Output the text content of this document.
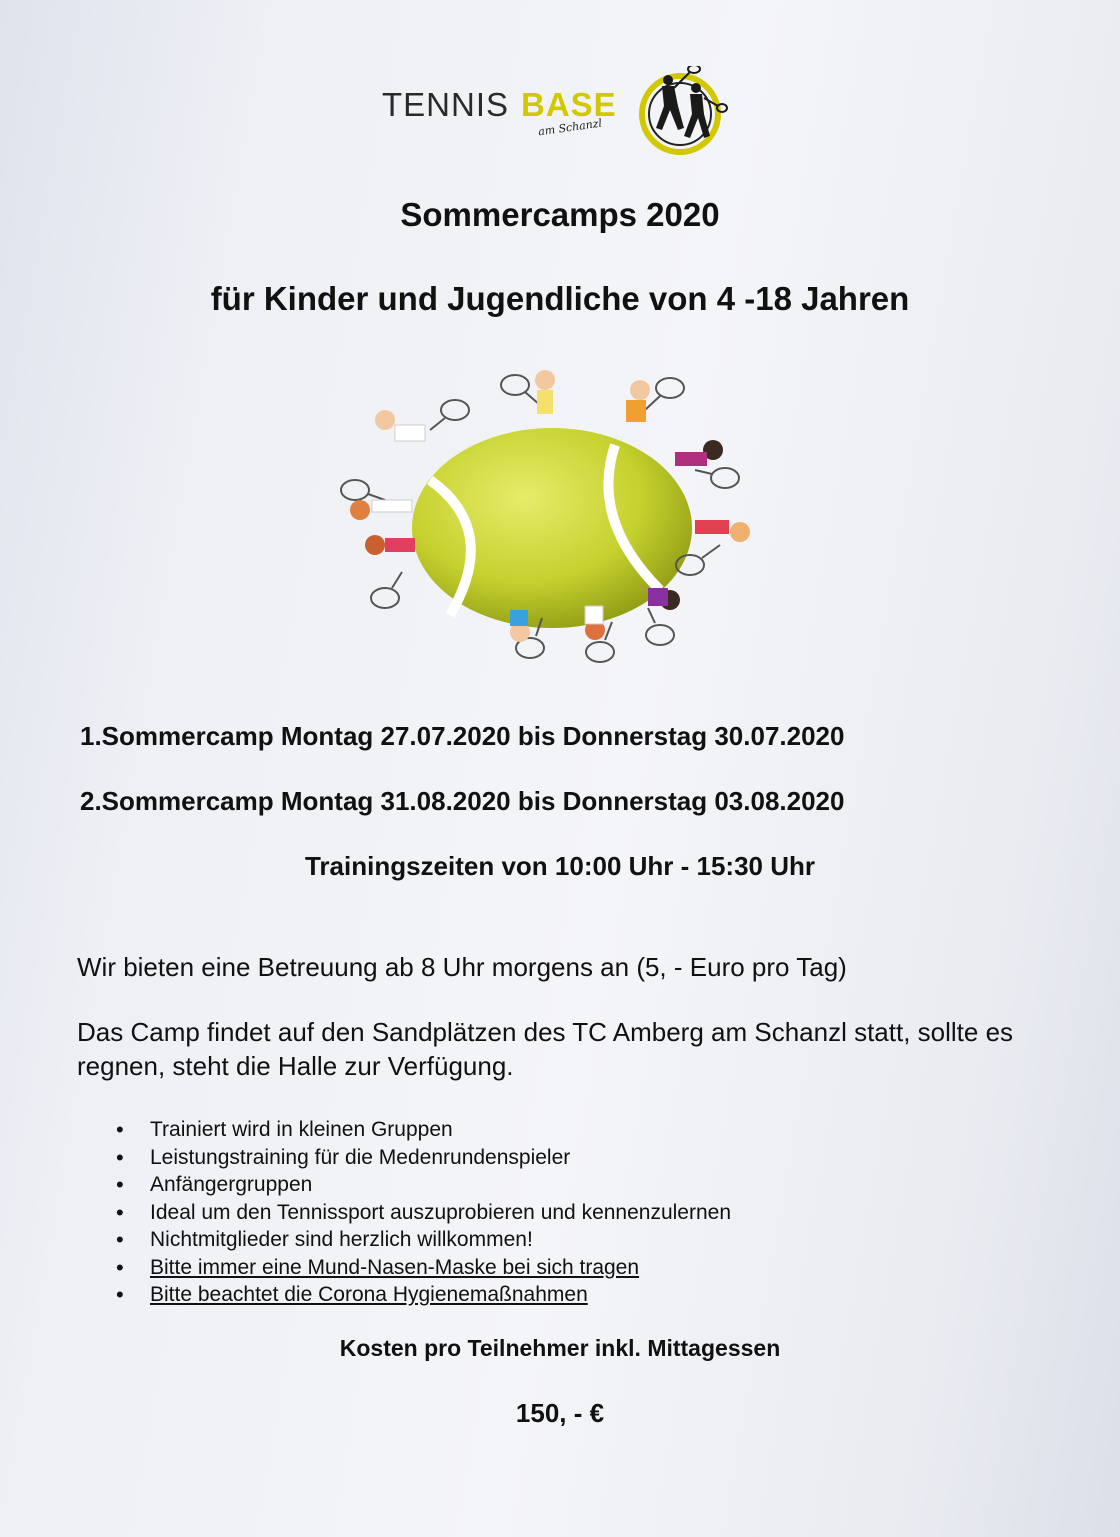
TENNIS BASE
am Schanzl
Sommercamps 2020
für Kinder und Jugendliche von 4 -18 Jahren
1.Sommercamp Montag 27.07.2020 bis Donnerstag 30.07.2020
2.Sommercamp Montag 31.08.2020 bis Donnerstag 03.08.2020
Trainingszeiten von 10:00 Uhr - 15:30 Uhr
Wir bieten eine Betreuung ab 8 Uhr morgens an (5, - Euro pro Tag)
Das Camp findet auf den Sandplätzen des TC Amberg am Schanzl statt, sollte es regnen, steht die Halle zur Verfügung.
• Trainiert wird in kleinen Gruppen
• Leistungstraining für die Medenrundenspieler
• Anfängergruppen
• Ideal um den Tennissport auszuprobieren und kennenzulernen
• Nichtmitglieder sind herzlich willkommen!
• Bitte immer eine Mund-Nasen-Maske bei sich tragen
• Bitte beachtet die Corona Hygienemaßnahmen
Kosten pro Teilnehmer inkl. Mittagessen
150, - €
